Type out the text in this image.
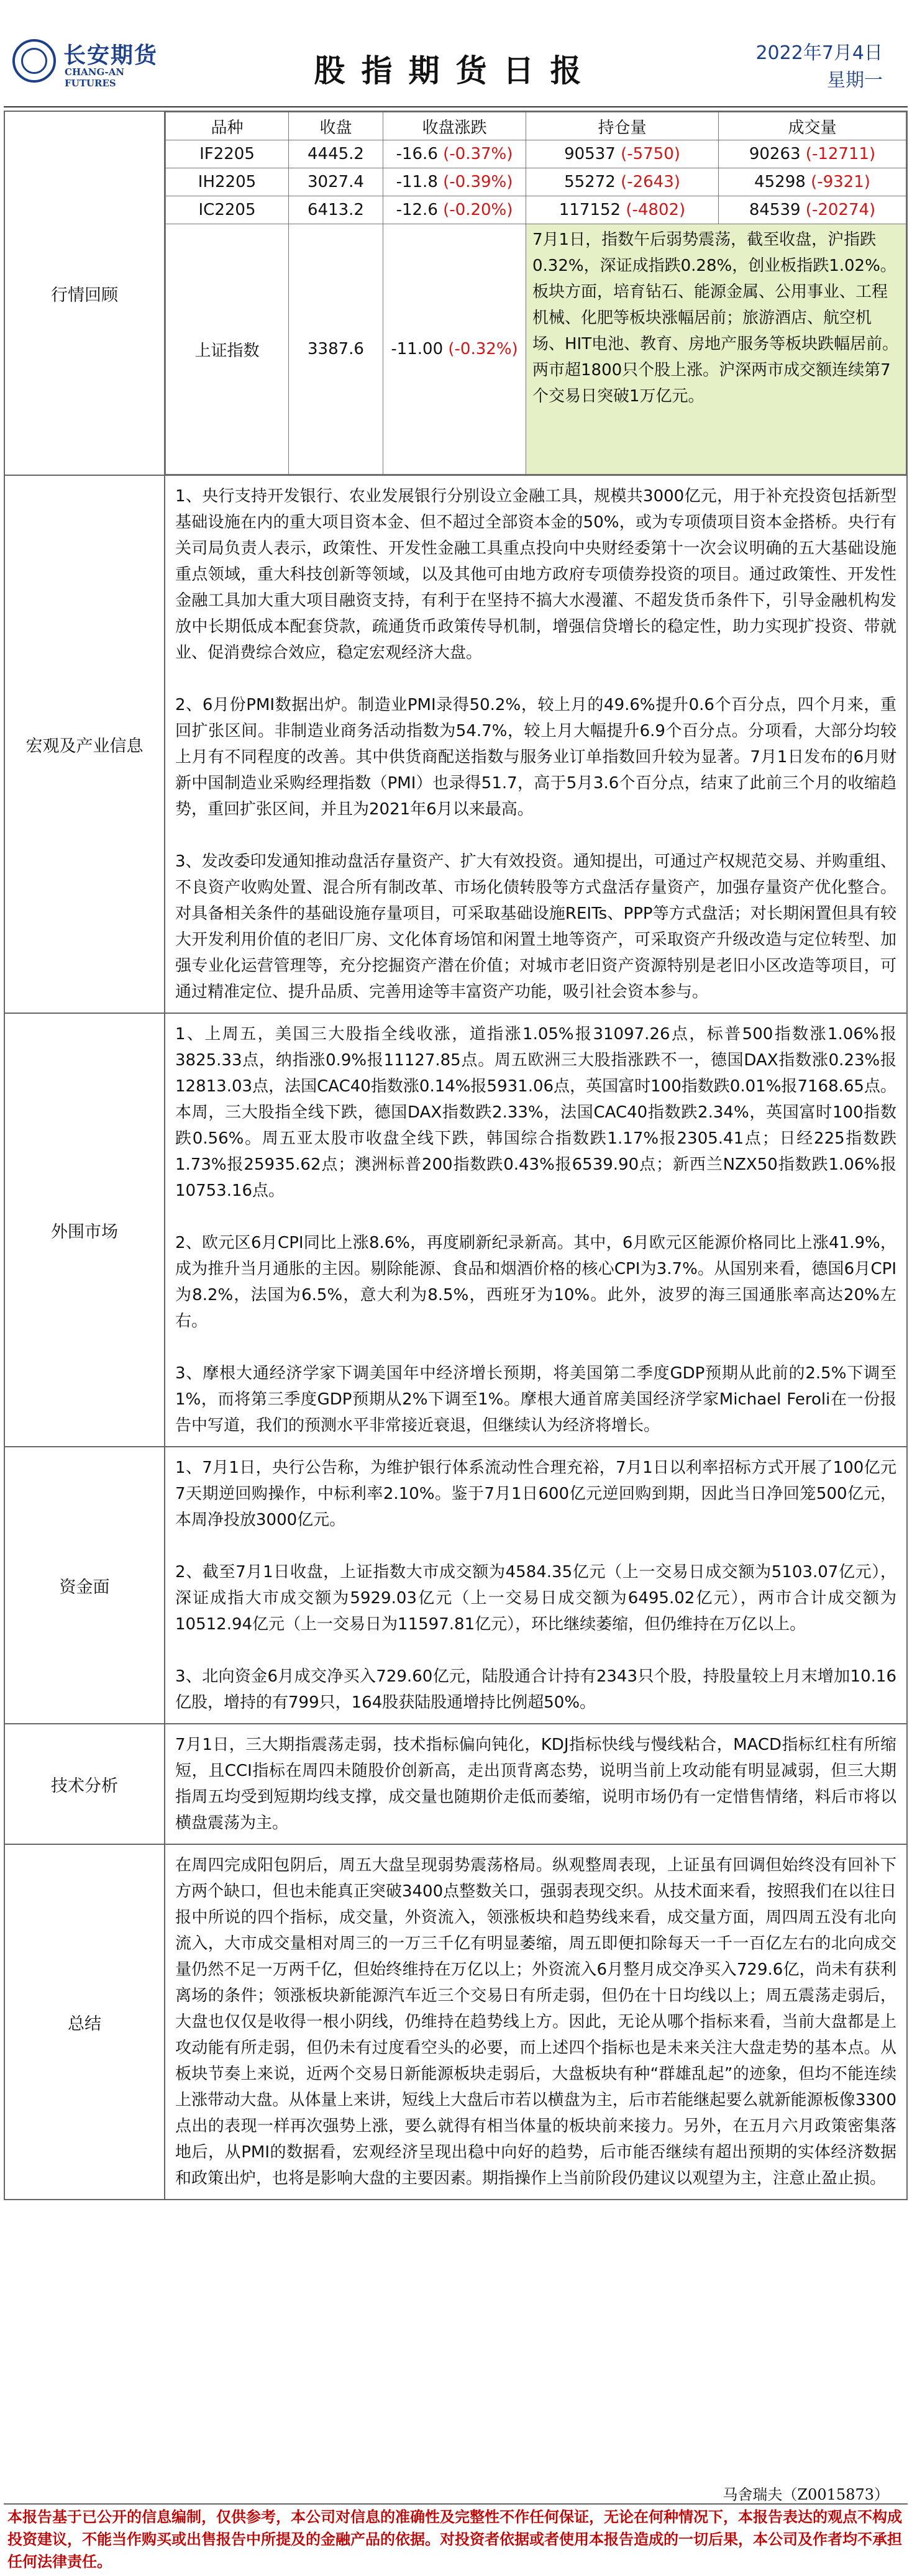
长安期货
CHANG-AN FUTURES	股指期货日报	2022年7月4日
星期一
行情回顾	
品种	收盘	收盘涨跌	持仓量	成交量
IF2205	4445.2	-16.6 (-0.37%)	90537 (-5750)	90263 (-12711)
IH2205	3027.4	-11.8 (-0.39%)	55272 (-2643)	45298 (-9321)
IC2205	6413.2	-12.6 (-0.20%)	117152 (-4802)	84539 (-20274)
上证指数	3387.6	-11.00 (-0.32%)	7月1日，指数午后弱势震荡，截至收盘，沪指跌0.32%，深证成指跌0.28%，创业板指跌1.02%。板块方面，培育钻石、能源金属、公用事业、工程机械、化肥等板块涨幅居前；旅游酒店、航空机场、HIT电池、教育、房地产服务等板块跌幅居前。两市超1800只个股上涨。沪深两市成交额连续第7个交易日突破1万亿元。

宏观及产业信息	

1、央行支持开发银行、农业发展银行分别设立金融工具，规模共3000亿元，用于补充投资包括新型基础设施在内的重大项目资本金、但不超过全部资本金的50%，或为专项债项目资本金搭桥。央行有关司局负责人表示，政策性、开发性金融工具重点投向中央财经委第十一次会议明确的五大基础设施重点领域，重大科技创新等领域，以及其他可由地方政府专项债券投资的项目。通过政策性、开发性金融工具加大重大项目融资支持，有利于在坚持不搞大水漫灌、不超发货币条件下，引导金融机构发放中长期低成本配套贷款，疏通货币政策传导机制，增强信贷增长的稳定性，助力实现扩投资、带就业、促消费综合效应，稳定宏观经济大盘。

2、6月份PMI数据出炉。制造业PMI录得50.2%，较上月的49.6%提升0.6个百分点，四个月来，重回扩张区间。非制造业商务活动指数为54.7%，较上月大幅提升6.9个百分点。分项看，大部分均较上月有不同程度的改善。其中供货商配送指数与服务业订单指数回升较为显著。7月1日发布的6月财新中国制造业采购经理指数（PMI）也录得51.7，高于5月3.6个百分点，结束了此前三个月的收缩趋势，重回扩张区间，并且为2021年6月以来最高。

3、发改委印发通知推动盘活存量资产、扩大有效投资。通知提出，可通过产权规范交易、并购重组、不良资产收购处置、混合所有制改革、市场化债转股等方式盘活存量资产，加强存量资产优化整合。对具备相关条件的基础设施存量项目，可采取基础设施REITs、PPP等方式盘活；对长期闲置但具有较大开发利用价值的老旧厂房、文化体育场馆和闲置土地等资产，可采取资产升级改造与定位转型、加强专业化运营管理等，充分挖掘资产潜在价值；对城市老旧资产资源特别是老旧小区改造等项目，可通过精准定位、提升品质、完善用途等丰富资产功能，吸引社会资本参与。

外围市场	

1、上周五，美国三大股指全线收涨，道指涨1.05%报31097.26点，标普500指数涨1.06%报3825.33点，纳指涨0.9%报11127.85点。周五欧洲三大股指涨跌不一，德国DAX指数涨0.23%报12813.03点，法国CAC40指数涨0.14%报5931.06点，英国富时100指数跌0.01%报7168.65点。本周，三大股指全线下跌，德国DAX指数跌2.33%，法国CAC40指数跌2.34%，英国富时100指数跌0.56%。周五亚太股市收盘全线下跌，韩国综合指数跌1.17%报2305.41点；日经225指数跌1.73%报25935.62点；澳洲标普200指数跌0.43%报6539.90点；新西兰NZX50指数跌1.06%报10753.16点。

2、欧元区6月CPI同比上涨8.6%，再度刷新纪录新高。其中，6月欧元区能源价格同比上涨41.9%，成为推升当月通胀的主因。剔除能源、食品和烟酒价格的核心CPI为3.7%。从国别来看，德国6月CPI为8.2%，法国为6.5%，意大利为8.5%，西班牙为10%。此外，波罗的海三国通胀率高达20%左右。

3、摩根大通经济学家下调美国年中经济增长预期，将美国第二季度GDP预期从此前的2.5%下调至1%，而将第三季度GDP预期从2%下调至1%。摩根大通首席美国经济学家Michael Feroli在一份报告中写道，我们的预测水平非常接近衰退，但继续认为经济将增长。

资金面	

1、7月1日，央行公告称，为维护银行体系流动性合理充裕，7月1日以利率招标方式开展了100亿元7天期逆回购操作，中标利率2.10%。鉴于7月1日600亿元逆回购到期，因此当日净回笼500亿元，本周净投放3000亿元。

2、截至7月1日收盘，上证指数大市成交额为4584.35亿元（上一交易日成交额为5103.07亿元），深证成指大市成交额为5929.03亿元（上一交易日成交额为6495.02亿元），两市合计成交额为10512.94亿元（上一交易日为11597.81亿元），环比继续萎缩，但仍维持在万亿以上。

3、北向资金6月成交净买入729.60亿元，陆股通合计持有2343只个股，持股量较上月末增加10.16亿股，增持的有799只，164股获陆股通增持比例超50%。

技术分析	

7月1日，三大期指震荡走弱，技术指标偏向钝化，KDJ指标快线与慢线粘合，MACD指标红柱有所缩短，且CCI指标在周四未随股价创新高，走出顶背离态势，说明当前上攻动能有明显减弱，但三大期指周五均受到短期均线支撑，成交量也随期价走低而萎缩，说明市场仍有一定惜售情绪，料后市将以横盘震荡为主。

总结	

在周四完成阳包阴后，周五大盘呈现弱势震荡格局。纵观整周表现，上证虽有回调但始终没有回补下方两个缺口，但也未能真正突破3400点整数关口，强弱表现交织。从技术面来看，按照我们在以往日报中所说的四个指标，成交量，外资流入，领涨板块和趋势线来看，成交量方面，周四周五没有北向流入，大市成交量相对周三的一万三千亿有明显萎缩，周五即便扣除每天一千一百亿左右的北向成交量仍然不足一万两千亿，但始终维持在万亿以上；外资流入6月整月成交净买入729.6亿，尚未有获利离场的条件；领涨板块新能源汽车近三个交易日有所走弱，但仍在十日均线以上；周五震荡走弱后，大盘也仅仅是收得一根小阴线，仍维持在趋势线上方。因此，无论从哪个指标来看，当前大盘都是上攻动能有所走弱，但仍未有过度看空头的必要，而上述四个指标也是未来关注大盘走势的基本点。从板块节奏上来说，近两个交易日新能源板块走弱后，大盘板块有种“群雄乱起”的迹象，但均不能连续上涨带动大盘。从体量上来讲，短线上大盘后市若以横盘为主，后市若能继起要么就新能源板像3300点出的表现一样再次强势上涨，要么就得有相当体量的板块前来接力。另外，在五月六月政策密集落地后，从PMI的数据看，宏观经济呈现出稳中向好的趋势，后市能否继续有超出预期的实体经济数据和政策出炉，也将是影响大盘的主要因素。期指操作上当前阶段仍建议以观望为主，注意止盈止损。

马舍瑞夫（Z0015873）
本报告基于已公开的信息编制，仅供参考，本公司对信息的准确性及完整性不作任何保证，无论在何种情况下，本报告表达的观点不构成投资建议，不能当作购买或出售报告中所提及的金融产品的依据。对投资者依据或者使用本报告造成的一切后果，本公司及作者均不承担任何法律责任。
